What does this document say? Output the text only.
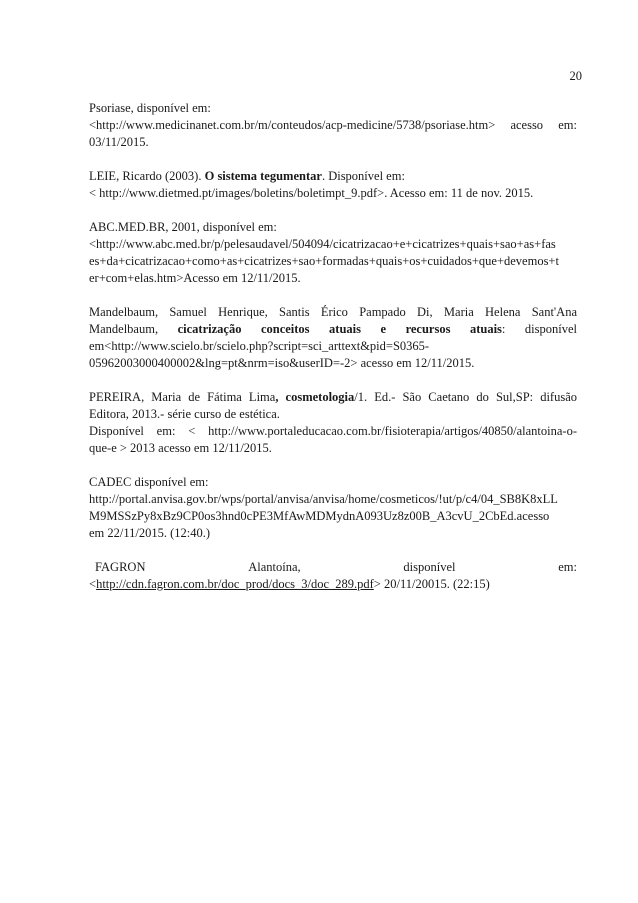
20
Psoriase, disponível em:
<http://www.medicinanet.com.br/m/conteudos/acp-medicine/5738/psoriase.htm> acesso em:
03/11/2015.
LEIE, Ricardo (2003). O sistema tegumentar. Disponível em:
< http://www.dietmed.pt/images/boletins/boletimpt_9.pdf>. Acesso em: 11 de nov. 2015.
ABC.MED.BR, 2001, disponível em:
<http://www.abc.med.br/p/pelesaudavel/504094/cicatrizacao+e+cicatrizes+quais+sao+as+fas
es+da+cicatrizacao+como+as+cicatrizes+sao+formadas+quais+os+cuidados+que+devemos+t
er+com+elas.htm>Acesso em 12/11/2015.
Mandelbaum, Samuel Henrique, Santis Érico Pampado Di, Maria Helena Sant'Ana
Mandelbaum, cicatrização conceitos atuais e recursos atuais: disponível
em<http://www.scielo.br/scielo.php?script=sci_arttext&pid=S0365-
05962003000400002&lng=pt&nrm=iso&userID=-2> acesso em 12/11/2015.
PEREIRA, Maria de Fátima Lima, cosmetologia/1. Ed.- São Caetano do Sul,SP: difusão
Editora, 2013.- série curso de estética.
Disponível em: < http://www.portaleducacao.com.br/fisioterapia/artigos/40850/alantoina-o-
que-e > 2013 acesso em 12/11/2015.
CADEC disponível em:
http://portal.anvisa.gov.br/wps/portal/anvisa/anvisa/home/cosmeticos/!ut/p/c4/04_SB8K8xLL
M9MSSzPy8xBz9CP0os3hnd0cPE3MfAwMDMydnA093Uz8z00B_A3cvU_2CbEd.acesso
em 22/11/2015. (12:40.)
FAGRON	Alantoína,	disponível	em:
<http://cdn.fagron.com.br/doc_prod/docs_3/doc_289.pdf> 20/11/20015. (22:15)
